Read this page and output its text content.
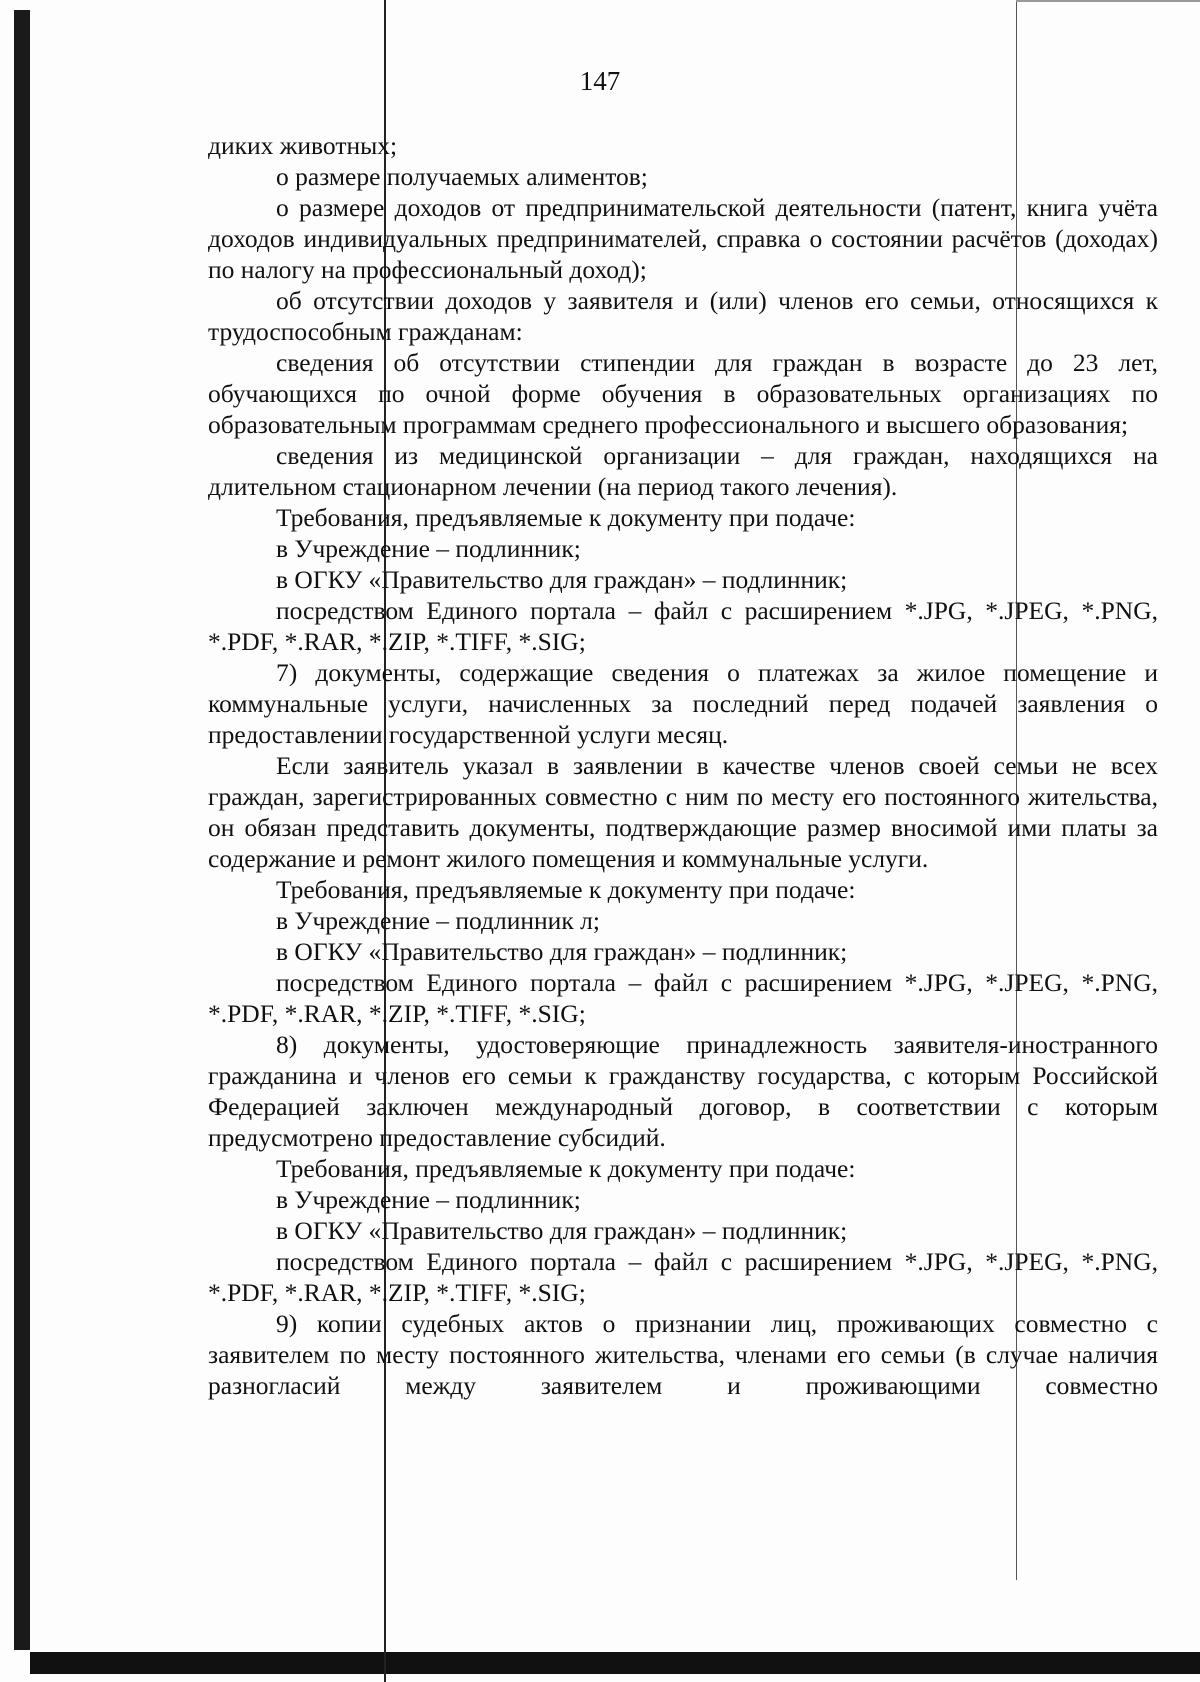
147

диких животных;

о размере получаемых алиментов;

о размере доходов от предпринимательской деятельности (патент, книга учёта доходов индивидуальных предпринимателей, справка о состоянии расчётов (доходах) по налогу на профессиональный доход);

об отсутствии доходов у заявителя и (или) членов его семьи, относящихся к трудоспособным гражданам:

сведения об отсутствии стипендии для граждан в возрасте до 23 лет, обучающихся по очной форме обучения в образовательных организациях по образовательным программам среднего профессионального и высшего образования;

сведения из медицинской организации – для граждан, находящихся на длительном стационарном лечении (на период такого лечения).

Требования, предъявляемые к документу при подаче:

в Учреждение – подлинник;

в ОГКУ «Правительство для граждан» – подлинник;

посредством Единого портала – файл с расширением *.JPG, *.JPEG, *.PNG, *.PDF, *.RAR, *.ZIP, *.TIFF, *.SIG;

7) документы, содержащие сведения о платежах за жилое помещение и коммунальные услуги, начисленных за последний перед подачей заявления о предоставлении государственной услуги месяц.

Если заявитель указал в заявлении в качестве членов своей семьи не всех граждан, зарегистрированных совместно с ним по месту его постоянного жительства, он обязан представить документы, подтверждающие размер вносимой ими платы за содержание и ремонт жилого помещения и коммунальные услуги.

Требования, предъявляемые к документу при подаче:

в Учреждение – подлинник л;

в ОГКУ «Правительство для граждан» – подлинник;

посредством Единого портала – файл с расширением *.JPG, *.JPEG, *.PNG, *.PDF, *.RAR, *.ZIP, *.TIFF, *.SIG;

8) документы, удостоверяющие принадлежность заявителя-иностранного гражданина и членов его семьи к гражданству государства, с которым Российской Федерацией заключен международный договор, в соответствии с которым предусмотрено предоставление субсидий.

Требования, предъявляемые к документу при подаче:

в Учреждение – подлинник;

в ОГКУ «Правительство для граждан» – подлинник;

посредством Единого портала – файл с расширением *.JPG, *.JPEG, *.PNG, *.PDF, *.RAR, *.ZIP, *.TIFF, *.SIG;

9) копии судебных актов о признании лиц, проживающих совместно с заявителем по месту постоянного жительства, членами его семьи (в случае наличия разногласий между заявителем и проживающими совместно
